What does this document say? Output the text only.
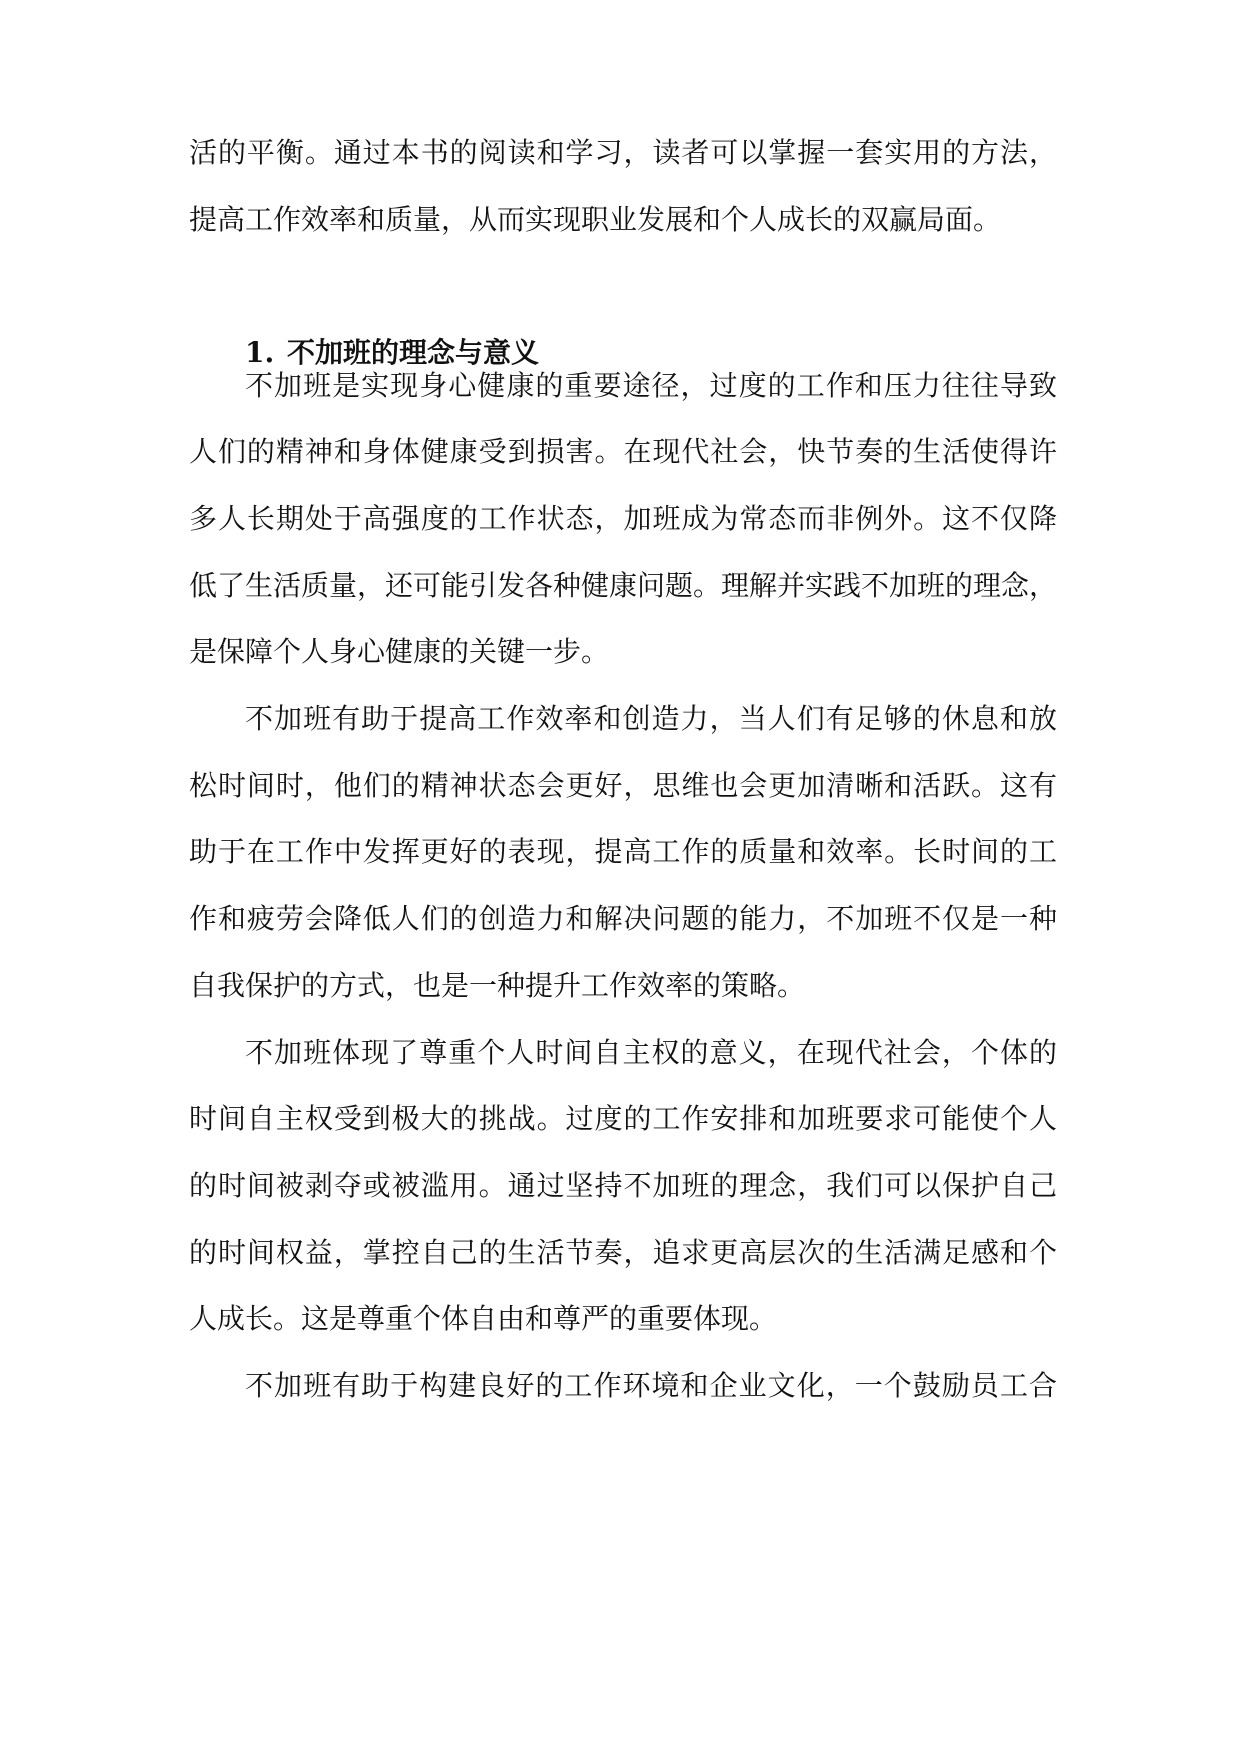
活的平衡。通过本书的阅读和学习，读者可以掌握一套实用的方法，
提高工作效率和质量，从而实现职业发展和个人成长的双赢局面。
1. 不加班的理念与意义
不加班是实现身心健康的重要途径，过度的工作和压力往往导致
人们的精神和身体健康受到损害。在现代社会，快节奏的生活使得许
多人长期处于高强度的工作状态，加班成为常态而非例外。这不仅降
低了生活质量，还可能引发各种健康问题。理解并实践不加班的理念，
是保障个人身心健康的关键一步。
不加班有助于提高工作效率和创造力，当人们有足够的休息和放
松时间时，他们的精神状态会更好，思维也会更加清晰和活跃。这有
助于在工作中发挥更好的表现，提高工作的质量和效率。长时间的工
作和疲劳会降低人们的创造力和解决问题的能力，不加班不仅是一种
自我保护的方式，也是一种提升工作效率的策略。
不加班体现了尊重个人时间自主权的意义，在现代社会，个体的
时间自主权受到极大的挑战。过度的工作安排和加班要求可能使个人
的时间被剥夺或被滥用。通过坚持不加班的理念，我们可以保护自己
的时间权益，掌控自己的生活节奏，追求更高层次的生活满足感和个
人成长。这是尊重个体自由和尊严的重要体现。
不加班有助于构建良好的工作环境和企业文化，一个鼓励员工合
